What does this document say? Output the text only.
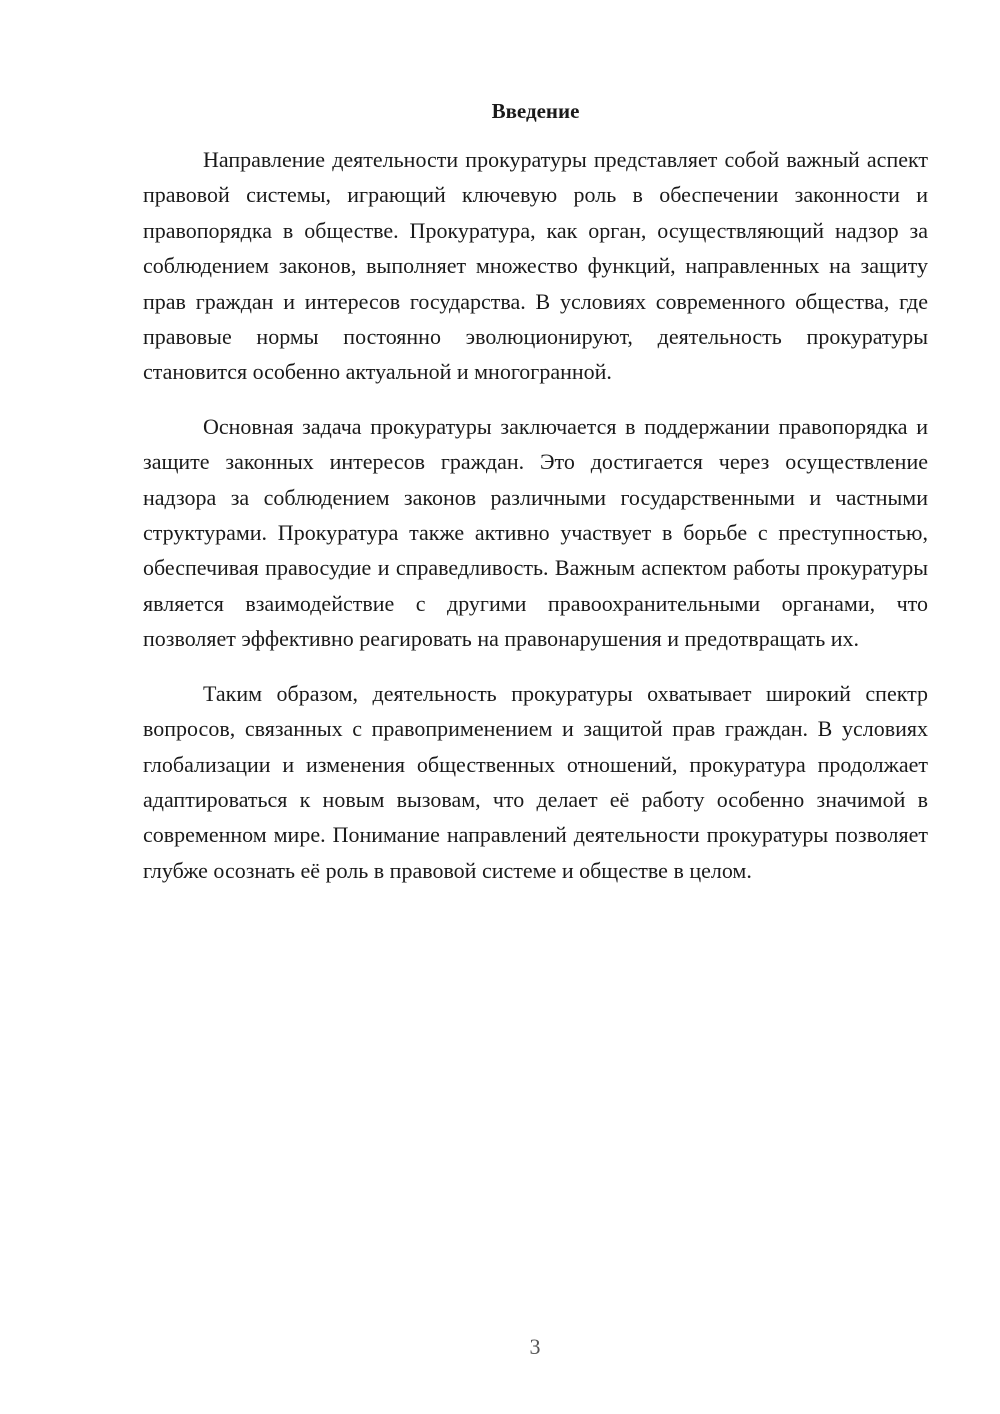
Введение

Направление деятельности прокуратуры представляет собой важный аспект правовой системы, играющий ключевую роль в обеспечении законности и правопорядка в обществе. Прокуратура, как орган, осуществляющий надзор за соблюдением законов, выполняет множество функций, направленных на защиту прав граждан и интересов государства. В условиях современного общества, где правовые нормы постоянно эволюционируют, деятельность прокуратуры становится особенно актуальной и многогранной.

Основная задача прокуратуры заключается в поддержании правопорядка и защите законных интересов граждан. Это достигается через осуществление надзора за соблюдением законов различными государственными и частными структурами. Прокуратура также активно участвует в борьбе с преступностью, обеспечивая правосудие и справедливость. Важным аспектом работы прокуратуры является взаимодействие с другими правоохранительными органами, что позволяет эффективно реагировать на правонарушения и предотвращать их.

Таким образом, деятельность прокуратуры охватывает широкий спектр вопросов, связанных с правоприменением и защитой прав граждан. В условиях глобализации и изменения общественных отношений, прокуратура продолжает адаптироваться к новым вызовам, что делает её работу особенно значимой в современном мире. Понимание направлений деятельности прокуратуры позволяет глубже осознать её роль в правовой системе и обществе в целом.

3
